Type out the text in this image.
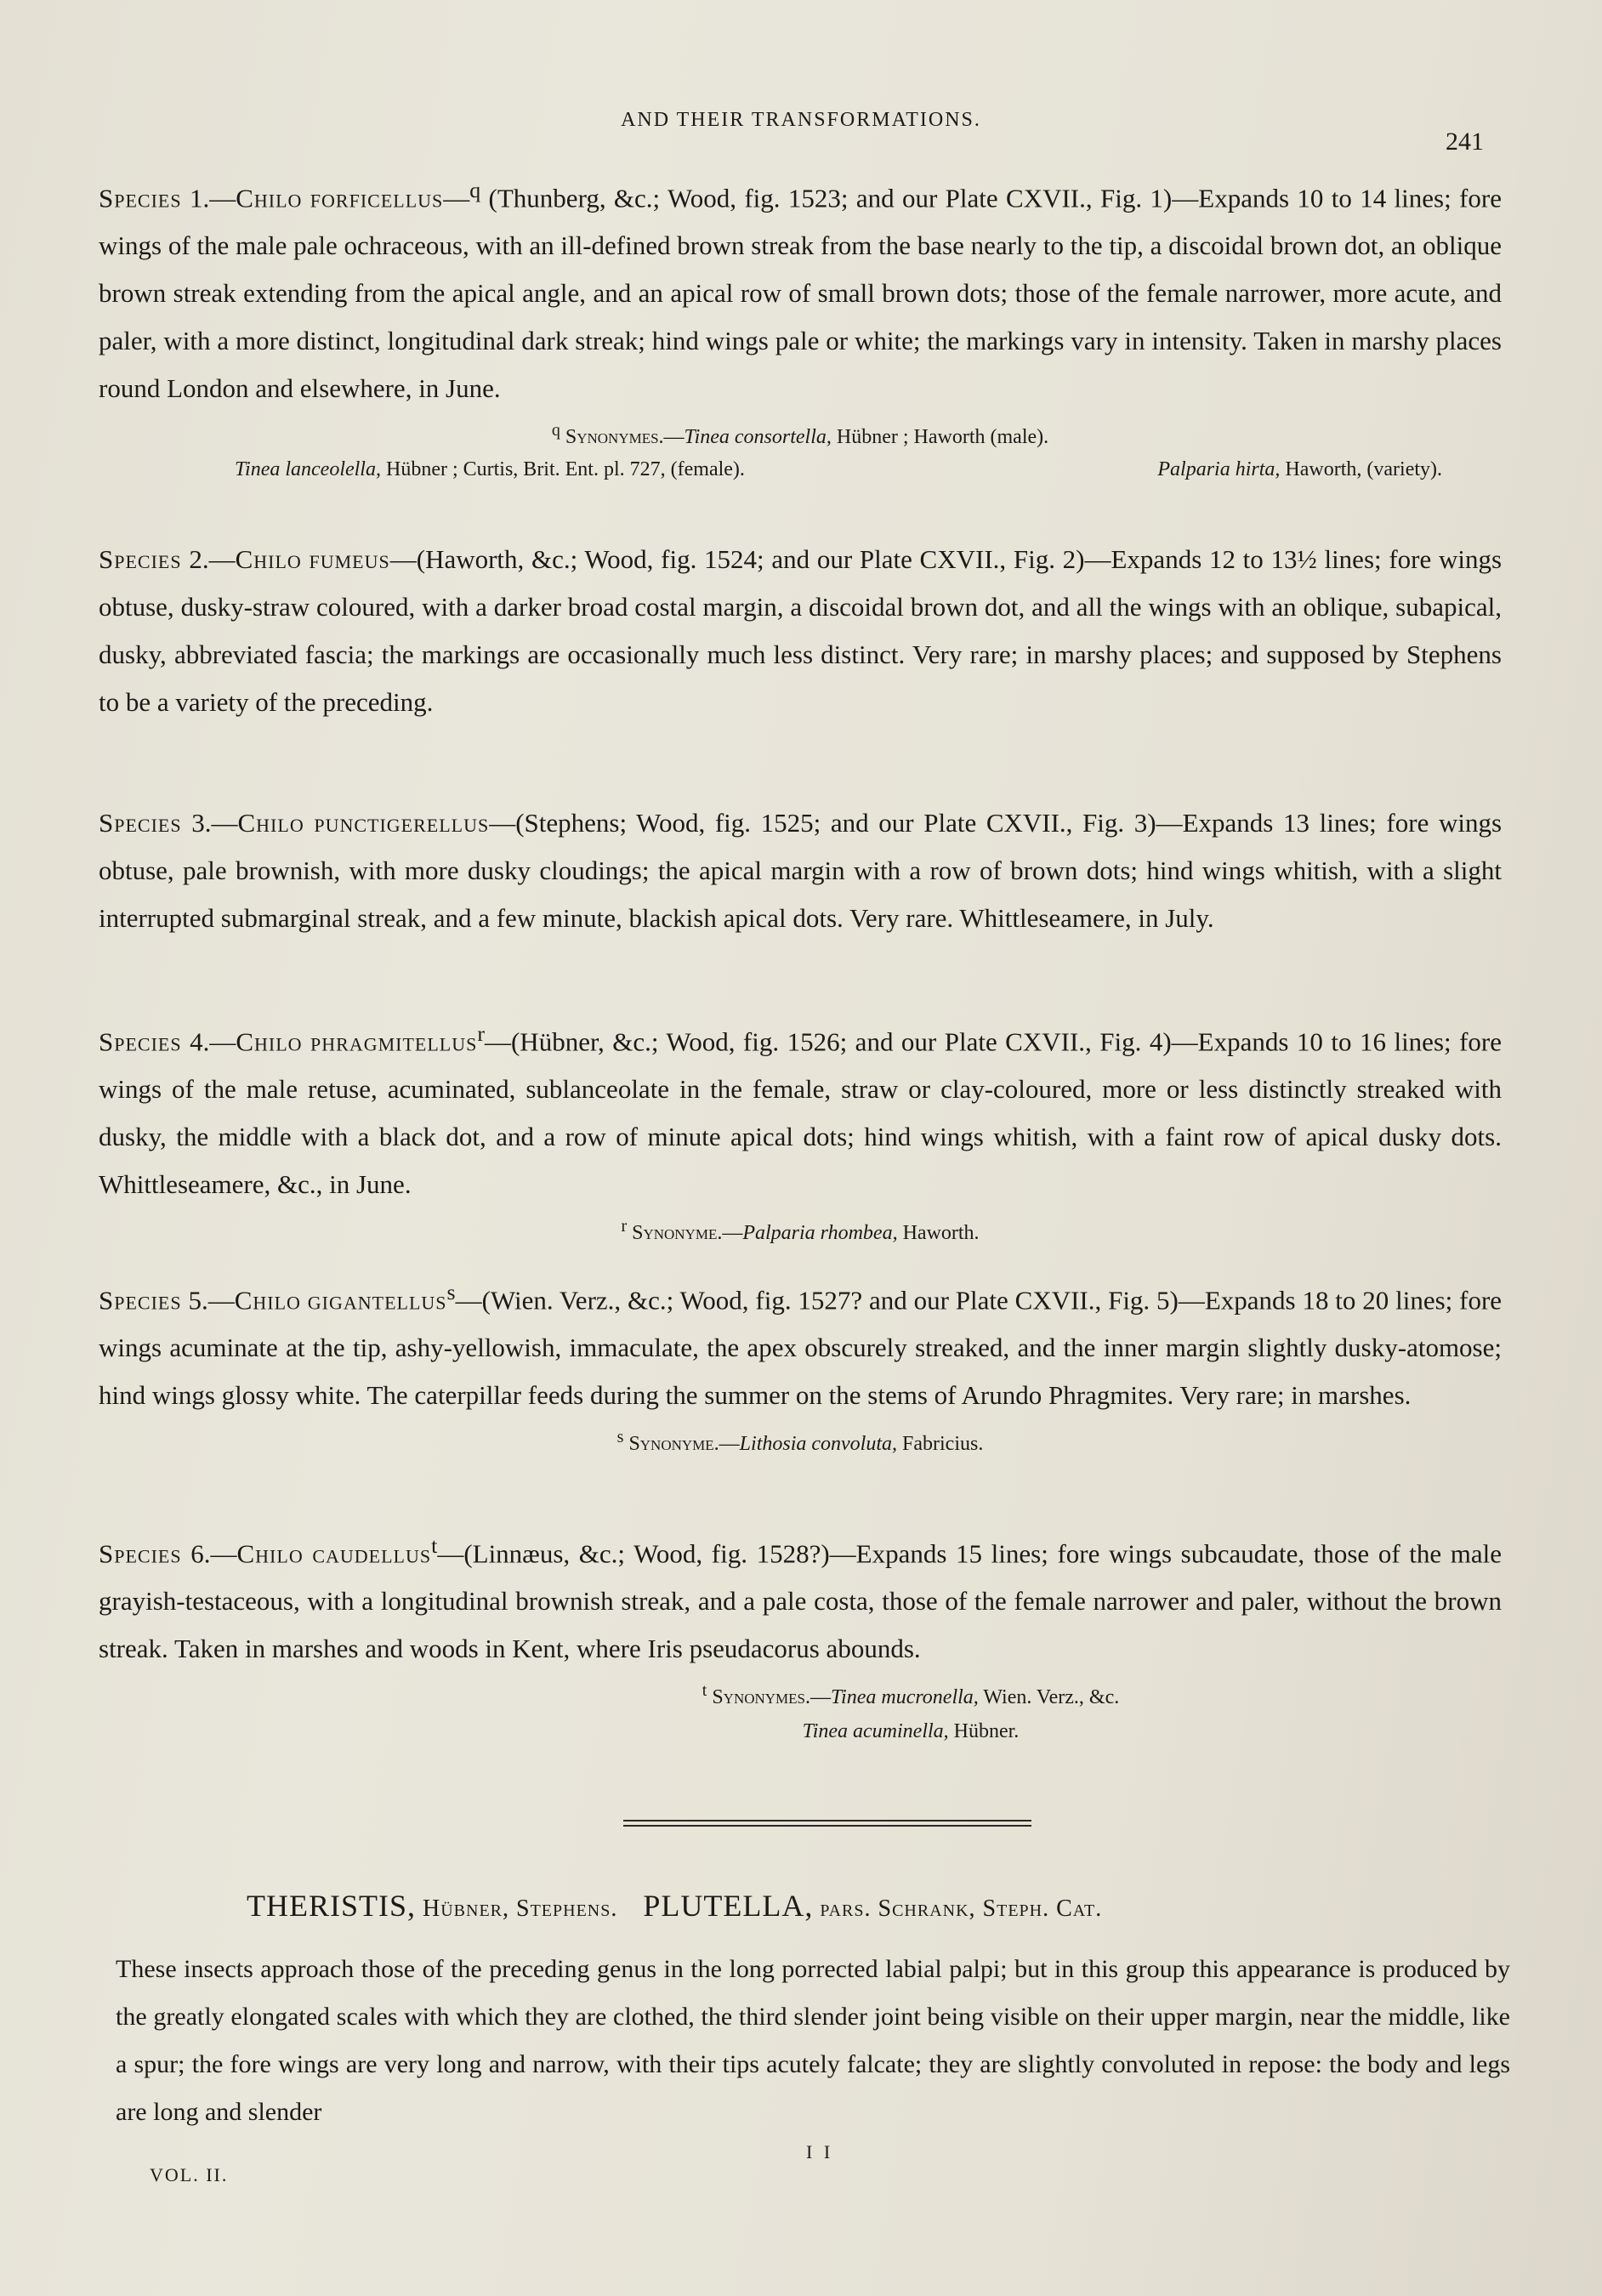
AND THEIR TRANSFORMATIONS.
241
Species 1.—Chilo forficellus—$^q$ (Thunberg, &c.; Wood, fig. 1523; and our Plate CXVII., Fig. 1)—Expands 10 to 14 lines; fore wings of the male pale ochraceous, with an ill-defined brown streak from the base nearly to the tip, a discoidal brown dot, an oblique brown streak extending from the apical angle, and an apical row of small brown dots; those of the female narrower, more acute, and paler, with a more distinct, longitudinal dark streak; hind wings pale or white; the markings vary in intensity. Taken in marshy places round London and elsewhere, in June.
$^q$ Synonymes.—Tinea consortella, Hübner ; Haworth (male).
Tinea lanceolella, Hübner ; Curtis, Brit. Ent. pl. 727, (female).	Palparia hirta, Haworth, (variety).
Species 2.—Chilo fumeus—(Haworth, &c.; Wood, fig. 1524; and our Plate CXVII., Fig. 2)—Expands 12 to 13½ lines; fore wings obtuse, dusky-straw coloured, with a darker broad costal margin, a discoidal brown dot, and all the wings with an oblique, subapical, dusky, abbreviated fascia; the markings are occasionally much less distinct. Very rare; in marshy places; and supposed by Stephens to be a variety of the preceding.
Species 3.—Chilo punctigerellus—(Stephens; Wood, fig. 1525; and our Plate CXVII., Fig. 3)—Expands 13 lines; fore wings obtuse, pale brownish, with more dusky cloudings; the apical margin with a row of brown dots; hind wings whitish, with a slight interrupted submarginal streak, and a few minute, blackish apical dots. Very rare. Whittleseamere, in July.
Species 4.—Chilo phragmitellus$^r$—(Hübner, &c.; Wood, fig. 1526; and our Plate CXVII., Fig. 4)—Expands 10 to 16 lines; fore wings of the male retuse, acuminated, sublanceolate in the female, straw or clay-coloured, more or less distinctly streaked with dusky, the middle with a black dot, and a row of minute apical dots; hind wings whitish, with a faint row of apical dusky dots. Whittleseamere, &c., in June.
$^r$ Synonyme.—Palparia rhombea, Haworth.
Species 5.—Chilo gigantellus$^s$—(Wien. Verz., &c.; Wood, fig. 1527? and our Plate CXVII., Fig. 5)—Expands 18 to 20 lines; fore wings acuminate at the tip, ashy-yellowish, immaculate, the apex obscurely streaked, and the inner margin slightly dusky-atomose; hind wings glossy white. The caterpillar feeds during the summer on the stems of Arundo Phragmites. Very rare; in marshes.
$^s$ Synonyme.—Lithosia convoluta, Fabricius.
Species 6.—Chilo caudellus$^t$—(Linnæus, &c.; Wood, fig. 1528?)—Expands 15 lines; fore wings subcaudate, those of the male grayish-testaceous, with a longitudinal brownish streak, and a pale costa, those of the female narrower and paler, without the brown streak. Taken in marshes and woods in Kent, where Iris pseudacorus abounds.
$^t$ Synonymes.—Tinea mucronella, Wien. Verz., &c.
Tinea acuminella, Hübner.
THERISTIS, Hübner, Stephens. PLUTELLA, pars. Schrank, Steph. Cat.
These insects approach those of the preceding genus in the long porrected labial palpi; but in this group this appearance is produced by the greatly elongated scales with which they are clothed, the third slender joint being visible on their upper margin, near the middle, like a spur; the fore wings are very long and narrow, with their tips acutely falcate; they are slightly convoluted in repose: the body and legs are long and slender
VOL. II.
I I
